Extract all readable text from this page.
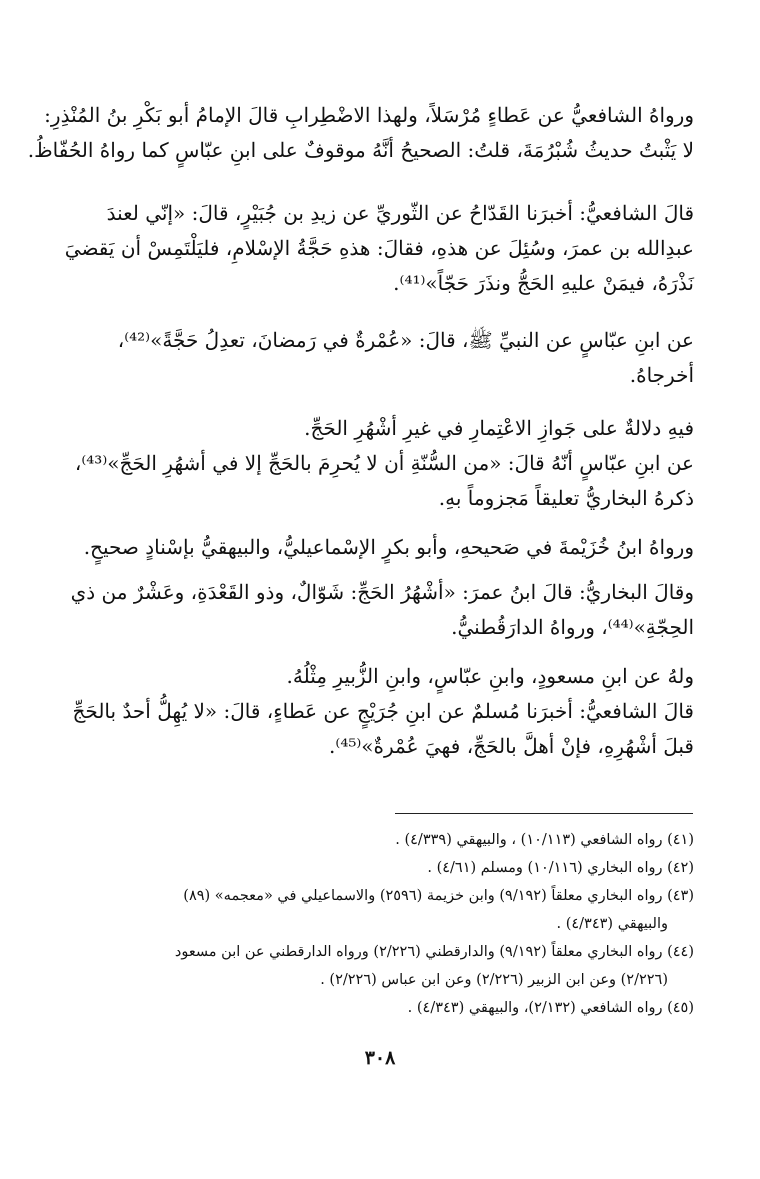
ورواهُ الشافعيُّ عن عَطاءٍ مُرْسَلاً، ولهذا الاضْطِرابِ قالَ الإمامُ أبو بَكْرِ بنُ المُنْذِرِ:
لا يَثْبتُ حديثُ شُبْرُمَةَ، قلتُ: الصحيحُ أنَّهُ موقوفٌ على ابنِ عبّاسٍ كما رواهُ الحُفّاظُ.

قالَ الشافعيُّ: أخبرَنا القَدّاحُ عن الثّوريِّ عن زيدِ بن جُبَيْرٍ، قالَ: «إنّي لعندَ
عبدِالله بن عمرَ، وسُئِلَ عن هذهِ، فقالَ: هذهِ حَجَّةُ الإسْلامِ، فليَلْتَمِسْ أن يَقضيَ
نَذْرَهُ، فيمَنْ عليهِ الحَجُّ ونذَرَ حَجّاً»⁽⁴¹⁾.

عن ابنِ عبّاسٍ عن النبيِّ ﷺ، قالَ: «عُمْرةٌ في رَمضانَ، تعدِلُ حَجَّةً»⁽⁴²⁾،
أخرجاهُ.

فيهِ دلالةٌ على جَوازِ الاعْتِمارِ في غيرِ أشْهُرِ الحَجِّ.

عن ابنِ عبّاسٍ أنّهُ قالَ: «من السُّنّةِ أن لا يُحرِمَ بالحَجِّ إلا في أشهُرِ الحَجِّ»⁽⁴³⁾،
ذكرهُ البخاريُّ تعليقاً مَجزوماً بهِ.

ورواهُ ابنُ خُزَيْمةَ في صَحيحهِ، وأبو بكرٍ الإسْماعيليُّ، والبيهقيُّ بإسْنادٍ صحيحٍ.

وقالَ البخاريُّ: قالَ ابنُ عمرَ: «أشْهُرُ الحَجِّ: شَوّالٌ، وذو القَعْدَةِ، وعَشْرٌ من ذي
الحِجّةِ»⁽⁴⁴⁾، ورواهُ الدارَقُطنيُّ.

ولهُ عن ابنِ مسعودٍ، وابنِ عبّاسٍ، وابنِ الزُّبيرِ مِثْلُهُ.

قالَ الشافعيُّ: أخبرَنا مُسلمٌ عن ابنِ جُرَيْجٍ عن عَطاءٍ، قالَ: «لا يُهِلُّ أحدٌ بالحَجِّ
قبلَ أشْهُرِهِ، فإنْ أهلَّ بالحَجِّ، فهيَ عُمْرةٌ»⁽⁴⁵⁾.

(٤١) رواه الشافعي (١٠/١١٣) ، والبيهقي (٤/٣٣٩) .

(٤٢) رواه البخاري (١٠/١١٦) ومسلم (٤/٦١) .

(٤٣) رواه البخاري معلقاً (٩/١٩٢) وابن خزيمة (٢٥٩٦) والاسماعيلي في «معجمه» (٨٩)

والبيهقي (٤/٣٤٣) .

(٤٤) رواه البخاري معلقاً (٩/١٩٢) والدارقطني (٢/٢٢٦) ورواه الدارقطني عن ابن مسعود

(٢/٢٢٦) وعن ابن الزبير (٢/٢٢٦) وعن ابن عباس (٢/٢٢٦) .

(٤٥) رواه الشافعي (٢/١٣٢)، والبيهقي (٤/٣٤٣) .

٣٠٨
